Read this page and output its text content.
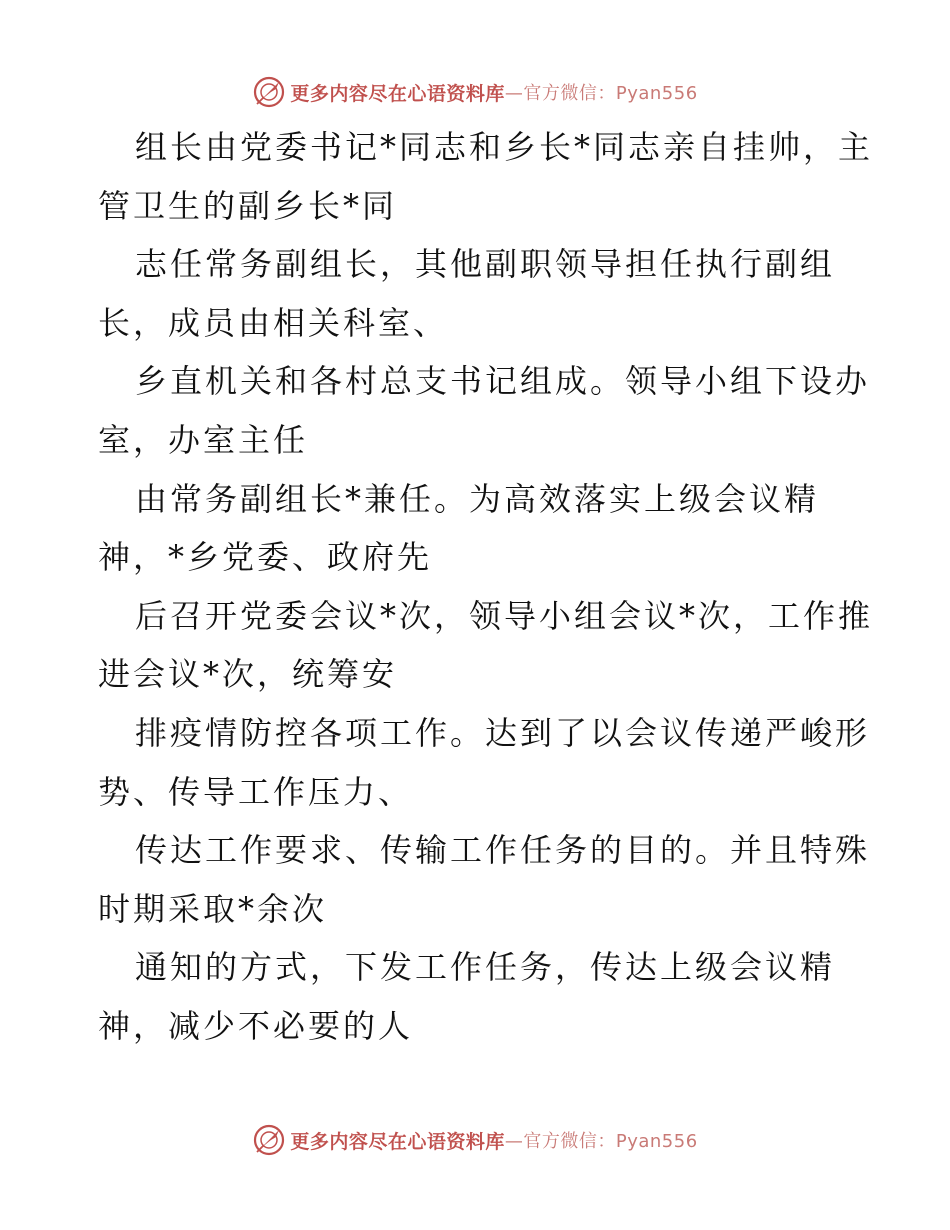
更多内容尽在心语资料库 —官方微信：Pyan556
组长由党委书记*同志和乡长*同志亲自挂帅，主
管卫生的副乡长*同
志任常务副组长，其他副职领导担任执行副组
长，成员由相关科室、
乡直机关和各村总支书记组成。领导小组下设办
室，办室主任
由常务副组长*兼任。为高效落实上级会议精
神，*乡党委、政府先
后召开党委会议*次，领导小组会议*次，工作推
进会议*次，统筹安
排疫情防控各项工作。达到了以会议传递严峻形
势、传导工作压力、
传达工作要求、传输工作任务的目的。并且特殊
时期采取*余次
通知的方式，下发工作任务，传达上级会议精
神，减少不必要的人
更多内容尽在心语资料库 —官方微信：Pyan556
